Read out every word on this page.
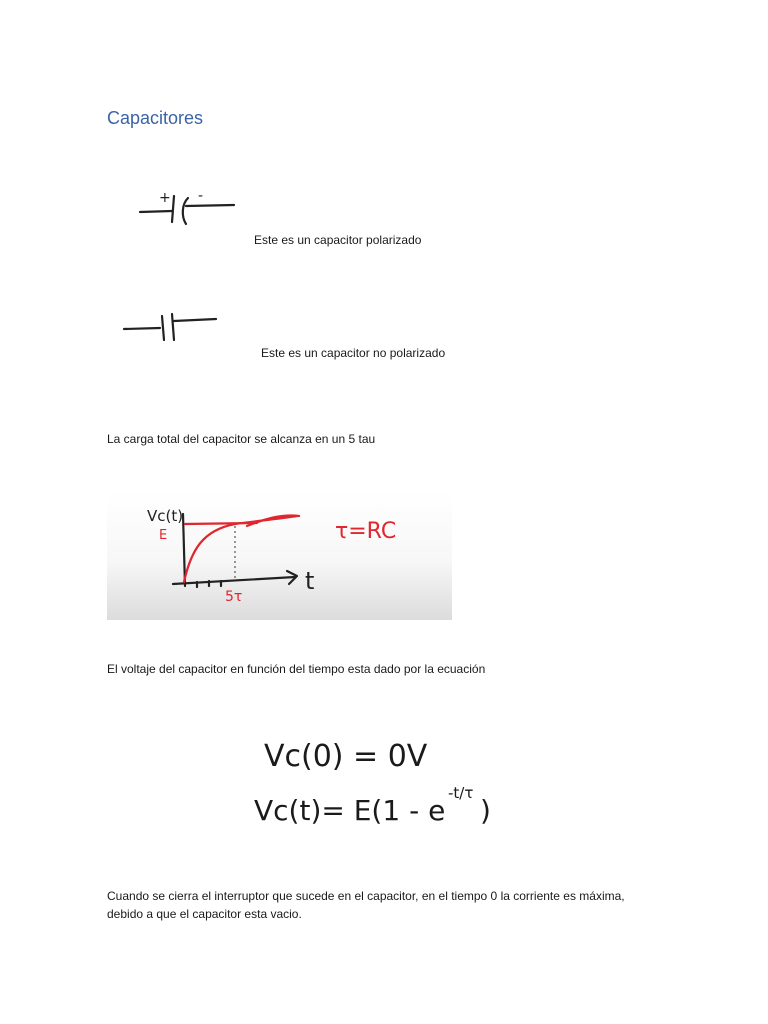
Capacitores
+ -
Este es un capacitor polarizado
Este es un capacitor no polarizado
La carga total del capacitor se alcanza en un 5 tau
Vc(t)
E
t
5τ
τ=RC
El voltaje del capacitor en función del tiempo esta dado por la ecuación
Vc(0) = 0V
Vc(t)= E(1 - e
-t/τ
)
Cuando se cierra el interruptor que sucede en el capacitor, en el tiempo 0 la corriente es máxima,
debido a que el capacitor esta vacio.
